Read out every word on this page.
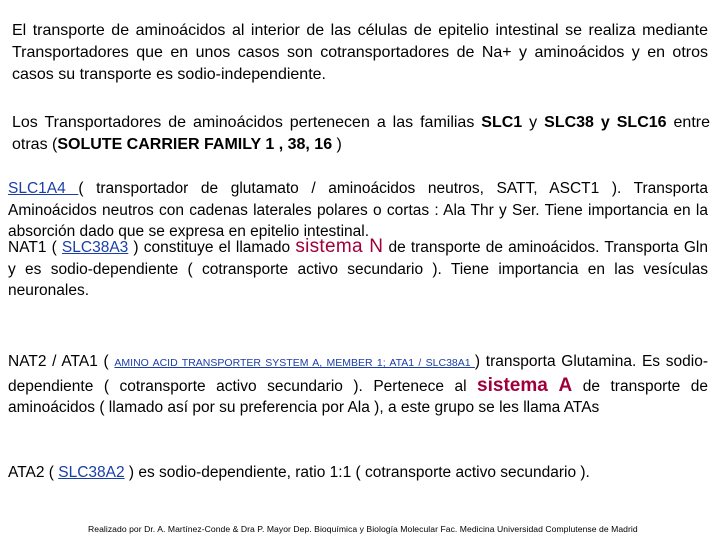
El transporte de aminoácidos al interior de las células de epitelio intestinal se realiza mediante Transportadores que en unos casos son cotransportadores de Na+ y aminoácidos y en otros casos su transporte es sodio-independiente.

Los Transportadores de aminoácidos pertenecen a las familias SLC1 y SLC38 y SLC16 entre otras (SOLUTE CARRIER FAMILY 1 , 38, 16 )

SLC1A4 ( transportador de glutamato / aminoácidos neutros, SATT, ASCT1 ). Transporta Aminoácidos neutros con cadenas laterales polares o cortas : Ala Thr y Ser. Tiene importancia en la absorción dado que se expresa en epitelio intestinal.

NAT1 ( SLC38A3 ) constituye el llamado sistema N de transporte de aminoácidos. Transporta Gln y es sodio-dependiente ( cotransporte activo secundario ). Tiene importancia en las vesículas neuronales.

NAT2 / ATA1 ( AMINO ACID TRANSPORTER SYSTEM A, MEMBER 1; ATA1 / SLC38A1 ) transporta Glutamina. Es sodio-dependiente ( cotransporte activo secundario ). Pertenece al sistema A de transporte de aminoácidos ( llamado así por su preferencia por Ala ), a este grupo se les llama ATAs

ATA2 ( SLC38A2 ) es sodio-dependiente, ratio 1:1 ( cotransporte activo secundario ).

Realizado por Dr. A. Martínez-Conde & Dra P. Mayor Dep. Bioquímica y Biología Molecular Fac. Medicina Universidad Complutense de Madrid
